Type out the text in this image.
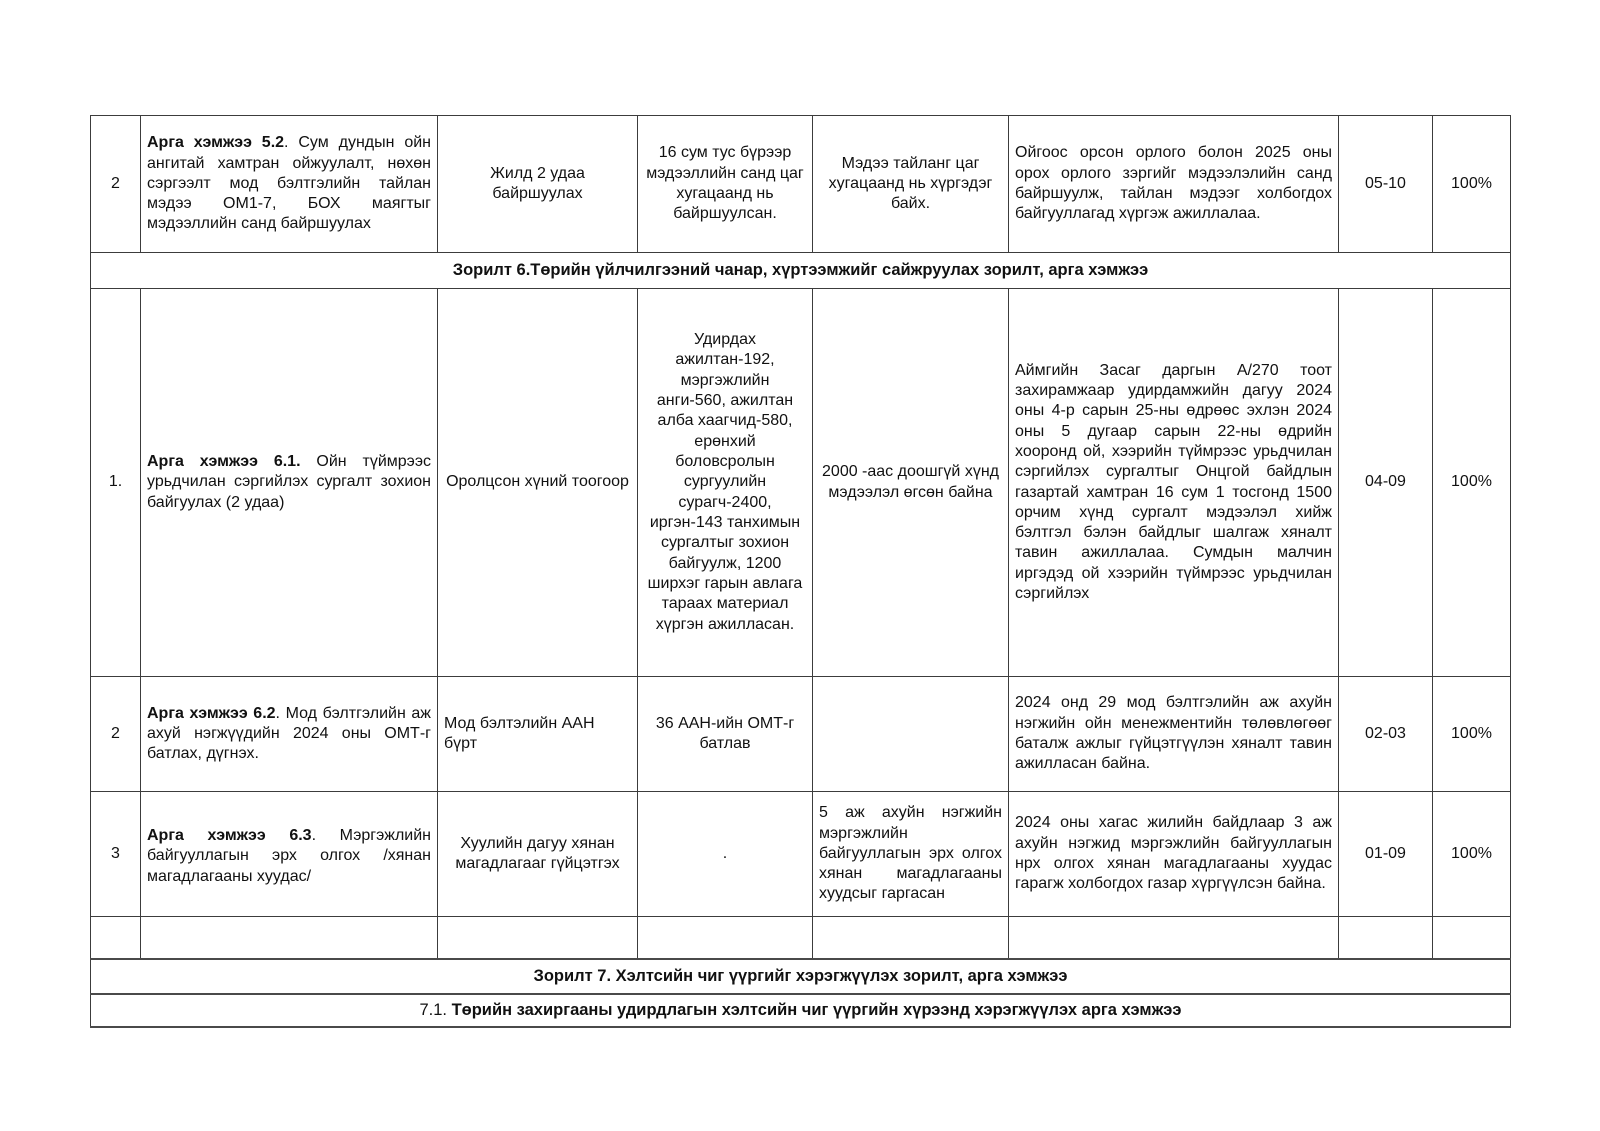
2	Арга хэмжээ 5.2. Сум дундын ойн ангитай хамтран ойжуулалт, нөхөн сэргээлт мод бэлтгэлийн тайлан мэдээ ОМ1-7, БОХ маягтыг мэдээллийн санд байршуулах	Жилд 2 удаа байршуулах	16 сум тус бүрээр мэдээллийн санд цаг хугацаанд нь байршуулсан.	Мэдээ тайланг цаг хугацаанд нь хүргэдэг байх.	Ойгоос орсон орлого болон 2025 оны орох орлого зэргийг мэдээлэлийн санд байршуулж, тайлан мэдээг холбогдох байгууллагад хүргэж ажиллалаа.	05-10	100%
Зорилт 6.Төрийн үйлчилгээний чанар, хүртээмжийг сайжруулах зорилт, арга хэмжээ							
1.	Арга хэмжээ 6.1. Ойн түймрээс урьдчилан сэргийлэх сургалт зохион байгуулах (2 удаа)	Оролцсон хүний тоогоор	Удирдах ажилтан-192, мэргэжлийн анги-560, ажилтан алба хаагчид-580, ерөнхий боловсролын сургуулийн сурагч-2400, иргэн-143 танхимын сургалтыг зохион байгуулж, 1200 ширхэг гарын авлага тараах материал хүргэн ажилласан.	2000 -аас доошгүй хүнд мэдээлэл өгсөн байна	Аймгийн Засаг даргын А/270 тоот захирамжаар удирдамжийн дагуу 2024 оны 4-р сарын 25-ны өдрөөс эхлэн 2024 оны 5 дугаар сарын 22-ны өдрийн хооронд ой, хээрийн түймрээс урьдчилан сэргийлэх сургалтыг Онцгой байдлын газартай хамтран 16 сум 1 тосгонд 1500 орчим хүнд сургалт мэдээлэл хийж бэлтгэл бэлэн байдлыг шалгаж хяналт тавин ажиллалаа. Сумдын малчин иргэдэд ой хээрийн түймрээс урьдчилан сэргийлэх	04-09	100%
2	Арга хэмжээ 6.2. Мод бэлтгэлийн аж ахуй нэгжүүдийн 2024 оны ОМТ-г батлах, дүгнэх.	Мод бэлтэлийн ААН бүрт	36 ААН-ийн ОМТ-г батлав		2024 онд 29 мод бэлтгэлийн аж ахуйн нэгжийн ойн менежментийн төлөвлөгөөг баталж ажлыг гүйцэтгүүлэн хяналт тавин ажилласан байна.	02-03	100%
3	Арга хэмжээ 6.3. Мэргэжлийн байгууллагын эрх олгох /хянан магадлагааны хуудас/	Хуулийн дагуу хянан магадлагааг гүйцэтгэх	.	5 аж ахуйн нэгжийн мэргэжлийн байгууллагын эрх олгох хянан магадлагааны хуудсыг гаргасан	2024 оны хагас жилийн байдлаар 3 аж ахуйн нэгжид мэргэжлийн байгууллагын нрх олгох хянан магадлагааны хуудас гарагж холбогдох газар хүргүүлсэн байна.	01-09	100%

Зорилт 7. Хэлтсийн чиг үүргийг хэрэгжүүлэх зорилт, арга хэмжээ							
7.1. Төрийн захиргааны удирдлагын хэлтсийн чиг үүргийн хүрээнд хэрэгжүүлэх арга хэмжээ							
